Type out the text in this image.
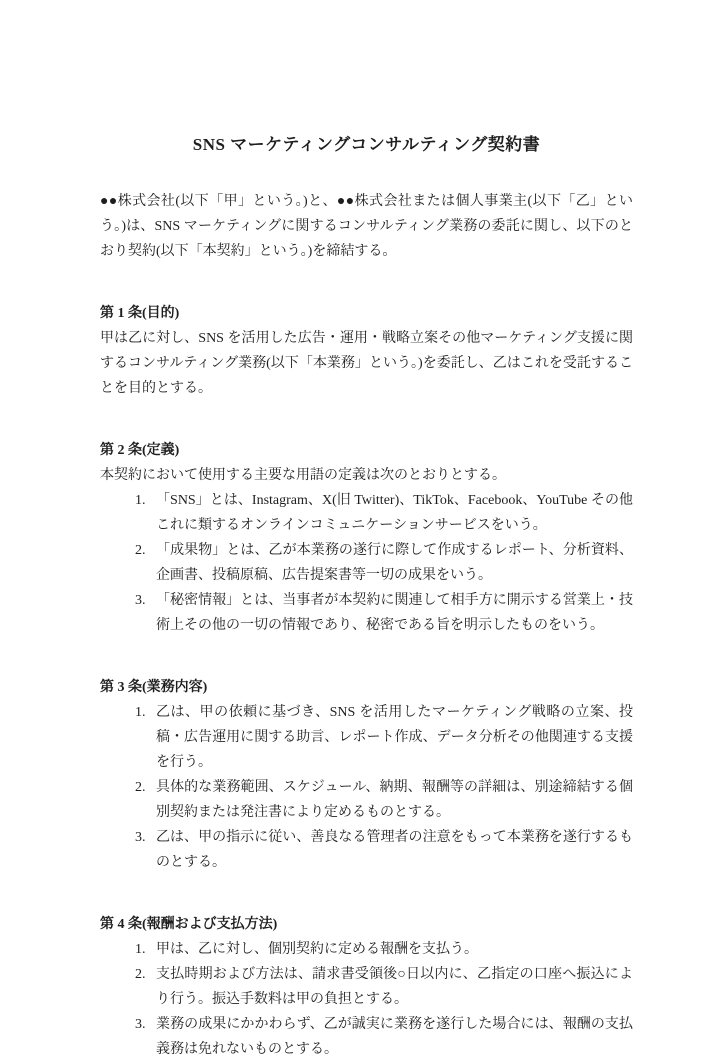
SNS マーケティングコンサルティング契約書

●●株式会社(以下「甲」という。)と、●●株式会社または個人事業主(以下「乙」という。)は、SNS マーケティングに関するコンサルティング業務の委託に関し、以下のとおり契約(以下「本契約」という。)を締結する。

第 1 条(目的)

甲は乙に対し、SNS を活用した広告・運用・戦略立案その他マーケティング支援に関するコンサルティング業務(以下「本業務」という。)を委託し、乙はこれを受託することを目的とする。

第 2 条(定義)

本契約において使用する主要な用語の定義は次のとおりとする。

1. 「SNS」とは、Instagram、X(旧 Twitter)、TikTok、Facebook、YouTube その他これに類するオンラインコミュニケーションサービスをいう。
2. 「成果物」とは、乙が本業務の遂行に際して作成するレポート、分析資料、企画書、投稿原稿、広告提案書等一切の成果をいう。
3. 「秘密情報」とは、当事者が本契約に関連して相手方に開示する営業上・技術上その他の一切の情報であり、秘密である旨を明示したものをいう。
第 3 条(業務内容)
1. 乙は、甲の依頼に基づき、SNS を活用したマーケティング戦略の立案、投稿・広告運用に関する助言、レポート作成、データ分析その他関連する支援を行う。
2. 具体的な業務範囲、スケジュール、納期、報酬等の詳細は、別途締結する個別契約または発注書により定めるものとする。
3. 乙は、甲の指示に従い、善良なる管理者の注意をもって本業務を遂行するものとする。
第 4 条(報酬および支払方法)
1. 甲は、乙に対し、個別契約に定める報酬を支払う。
2. 支払時期および方法は、請求書受領後○日以内に、乙指定の口座へ振込により行う。振込手数料は甲の負担とする。
3. 業務の成果にかかわらず、乙が誠実に業務を遂行した場合には、報酬の支払義務は免れないものとする。
